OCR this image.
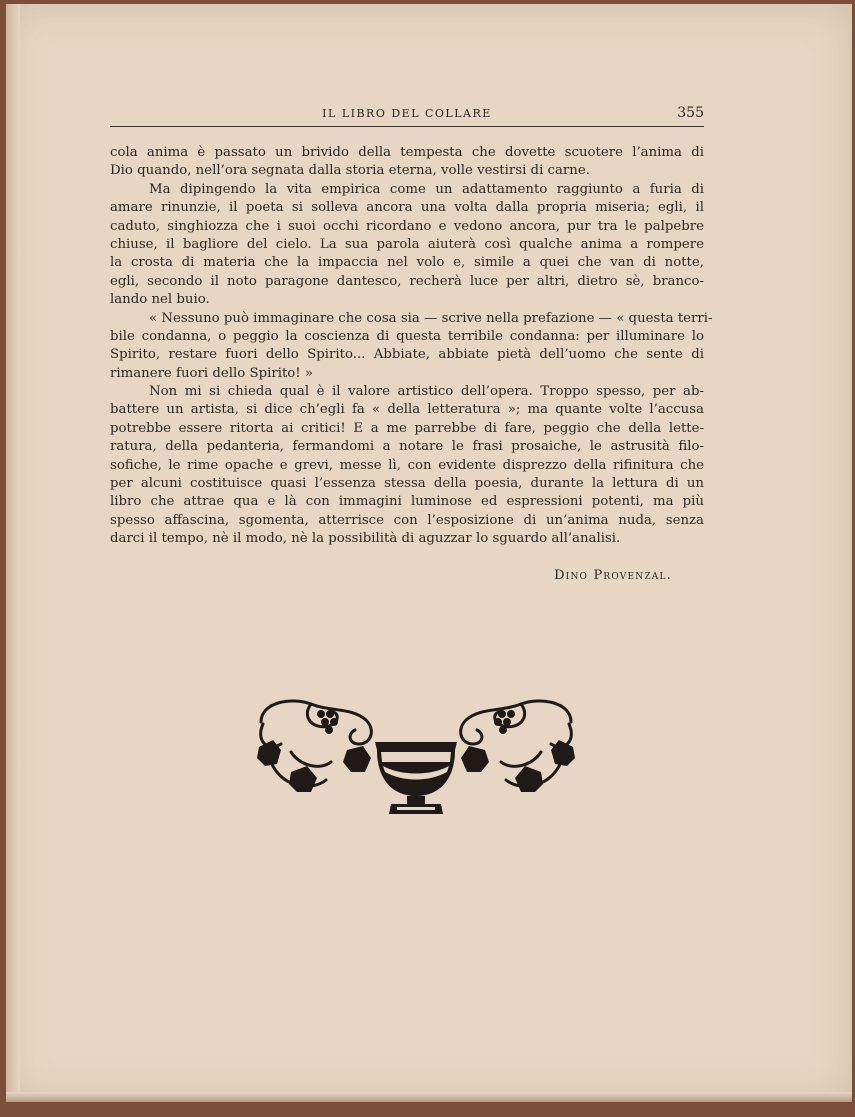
IL LIBRO DEL COLLARE	355
cola anima è passato un brivido della tempesta che dovette scuotere l’anima di
Dio quando, nell’ora segnata dalla storia eterna, volle vestirsi di carne.
Ma dipingendo la vita empirica come un adattamento raggiunto a furia di
amare rinunzie, il poeta si solleva ancora una volta dalla propria miseria; egli, il
caduto, singhiozza che i suoi occhi ricordano e vedono ancora, pur tra le palpebre
chiuse, il bagliore del cielo. La sua parola aiuterà così qualche anima a rompere
la crosta di materia che la impaccia nel volo e, simile a quei che van di notte,
egli, secondo il noto paragone dantesco, recherà luce per altri, dietro sè, branco-
lando nel buio.
« Nessuno può immaginare che cosa sia — scrive nella prefazione — « questa terri-
bile condanna, o peggio la coscienza di questa terribile condanna: per illuminare lo
Spirito, restare fuori dello Spirito... Abbiate, abbiate pietà dell’uomo che sente di
rimanere fuori dello Spirito! »
Non mi si chieda qual è il valore artistico dell’opera. Troppo spesso, per ab-
battere un artista, si dice ch’egli fa « della letteratura »; ma quante volte l’accusa
potrebbe essere ritorta ai critici! E a me parrebbe di fare, peggio che della lette-
ratura, della pedanteria, fermandomi a notare le frasi prosaiche, le astrusità filo-
sofiche, le rime opache e grevi, messe lì, con evidente disprezzo della rifinitura che
per alcuni costituisce quasi l’essenza stessa della poesia, durante la lettura di un
libro che attrae qua e là con immagini luminose ed espressioni potenti, ma più
spesso affascina, sgomenta, atterrisce con l’esposizione di un’anima nuda, senza
darci il tempo, nè il modo, nè la possibilità di aguzzar lo sguardo all’analisi.
Dino Provenzal.
